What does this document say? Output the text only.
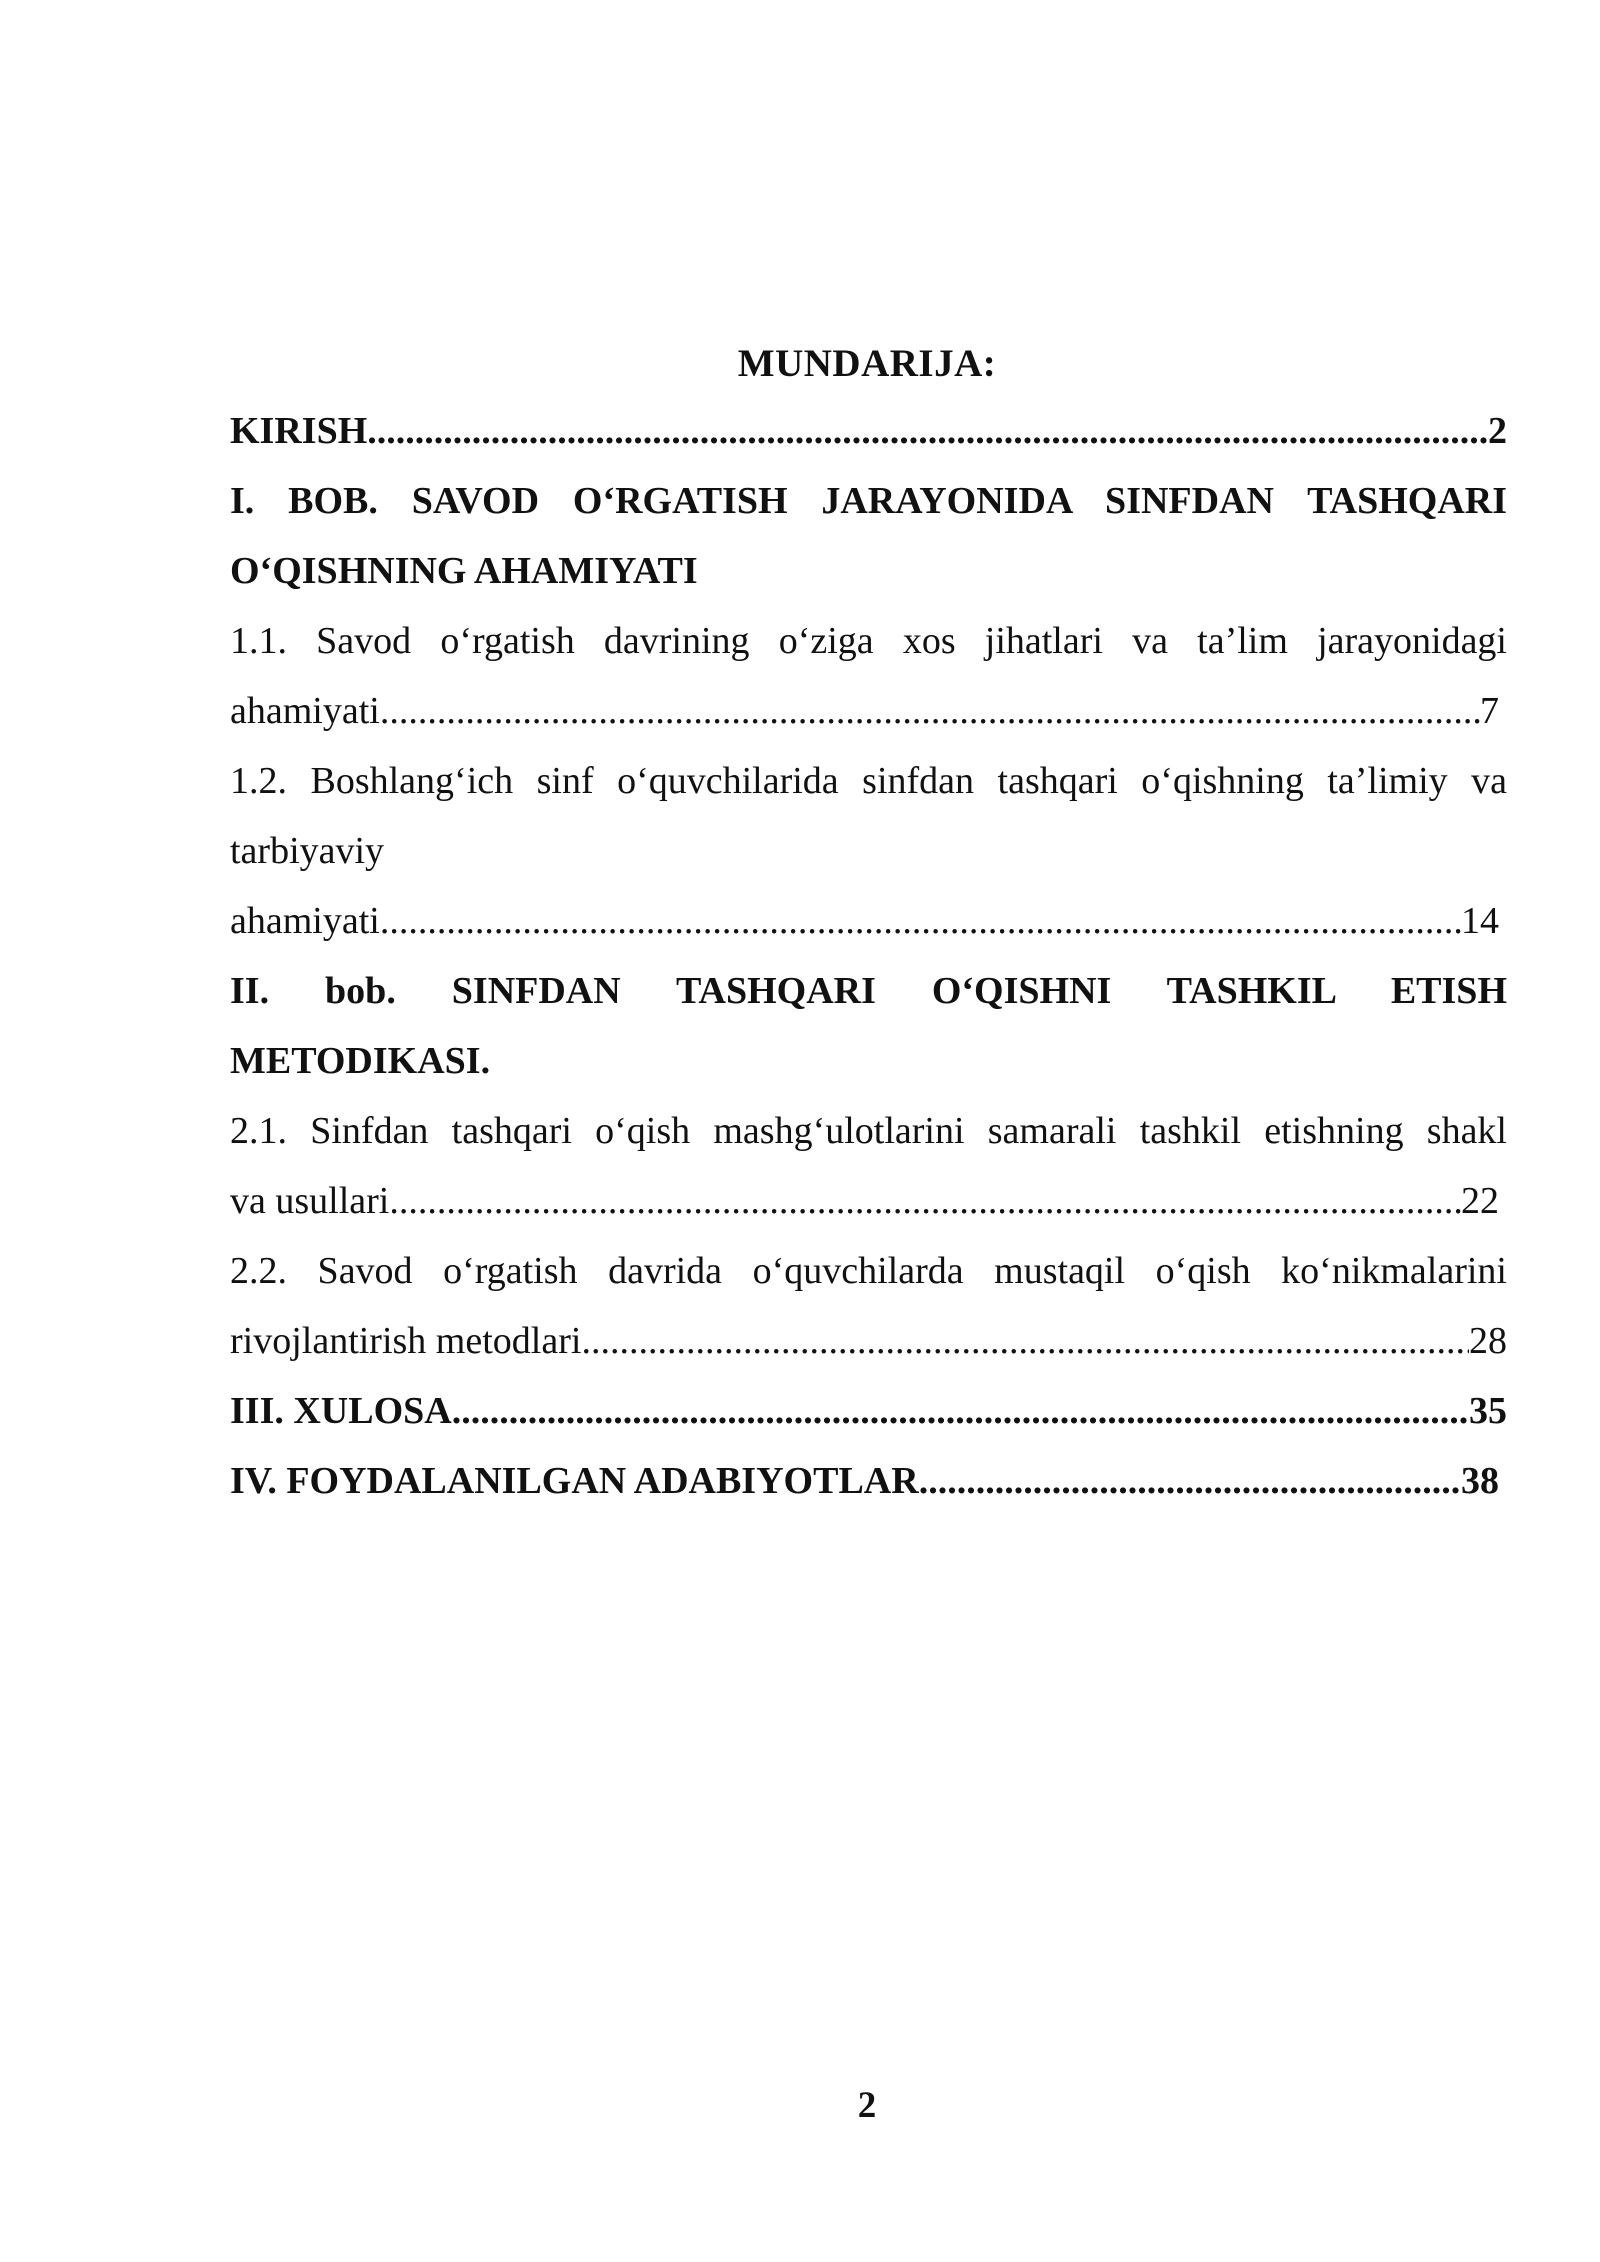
MUNDARIJA:
KIRISH .....	2
I. BOB. SAVOD O‘RGATISH JARAYONIDA SINFDAN TASHQARI
O‘QISHNING AHAMIYATI
1.1. Savod o‘rgatish davrining o‘ziga xos jihatlari va ta’lim jarayonidagi
ahamiyati .....	7
1.2. Boshlang‘ich sinf o‘quvchilarida sinfdan tashqari o‘qishning ta’limiy va
tarbiyaviy
ahamiyati .....	14
II. bob. SINFDAN TASHQARI O‘QISHNI TASHKIL ETISH
METODIKASI.
2.1. Sinfdan tashqari o‘qish mashg‘ulotlarini samarali tashkil etishning shakl
va usullari .....	22
2.2. Savod o‘rgatish davrida o‘quvchilarda mustaqil o‘qish ko‘nikmalarini
rivojlantirish metodlari .....	28
III. XULOSA .....	35
IV. FOYDALANILGAN ADABIYOTLAR .....	38
2
